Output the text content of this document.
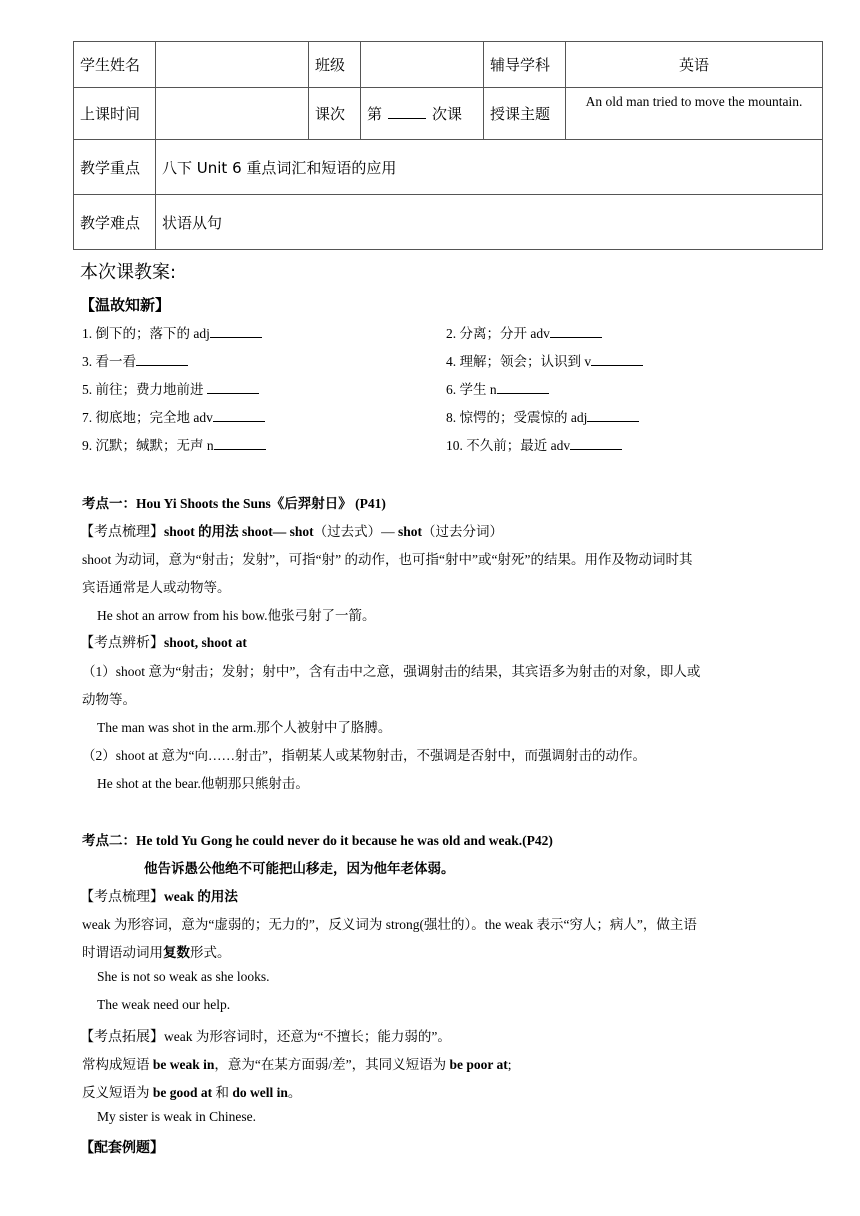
学生姓名		班级		辅导学科	英语
上课时间		课次	第 次课	授课主题	An old man tried to move the mountain.
教学重点	八下 Unit 6 重点词汇和短语的应用				
教学难点	状语从句				
本次课教案:
【温故知新】
1. 倒下的；落下的 adj	2. 分离；分开 adv
3. 看一看	4. 理解；领会；认识到 v
5. 前往；费力地前进	6. 学生 n
7. 彻底地；完全地 adv	8. 惊愕的；受震惊的 adj
9. 沉默；缄默；无声 n	10. 不久前；最近 adv
考点一：Hou Yi Shoots the Suns《后羿射日》 (P41)
【考点梳理】shoot 的用法 shoot— shot（过去式）— shot（过去分词）
shoot 为动词，意为“射击；发射”，可指“射” 的动作，也可指“射中”或“射死”的结果。用作及物动词时其
宾语通常是人或动物等。
He shot an arrow from his bow.他张弓射了一箭。
【考点辨析】shoot, shoot at
（1）shoot 意为“射击；发射；射中”，含有击中之意，强调射击的结果，其宾语多为射击的对象，即人或
动物等。
The man was shot in the arm.那个人被射中了胳膊。
（2）shoot at 意为“向……射击”，指朝某人或某物射击，不强调是否射中，而强调射击的动作。
He shot at the bear.他朝那只熊射击。
考点二：He told Yu Gong he could never do it because he was old and weak.(P42)
他告诉愚公他绝不可能把山移走，因为他年老体弱。
【考点梳理】weak 的用法
weak 为形容词，意为“虚弱的；无力的”，反义词为 strong(强壮的）。the weak 表示“穷人；病人”，做主语
时谓语动词用复数形式。
She is not so weak as she looks.
The weak need our help.
【考点拓展】weak 为形容词时，还意为“不擅长；能力弱的”。
常构成短语 be weak in，意为“在某方面弱/差”，其同义短语为 be poor at;
反义短语为 be good at 和 do well in。
My sister is weak in Chinese.
【配套例题】
